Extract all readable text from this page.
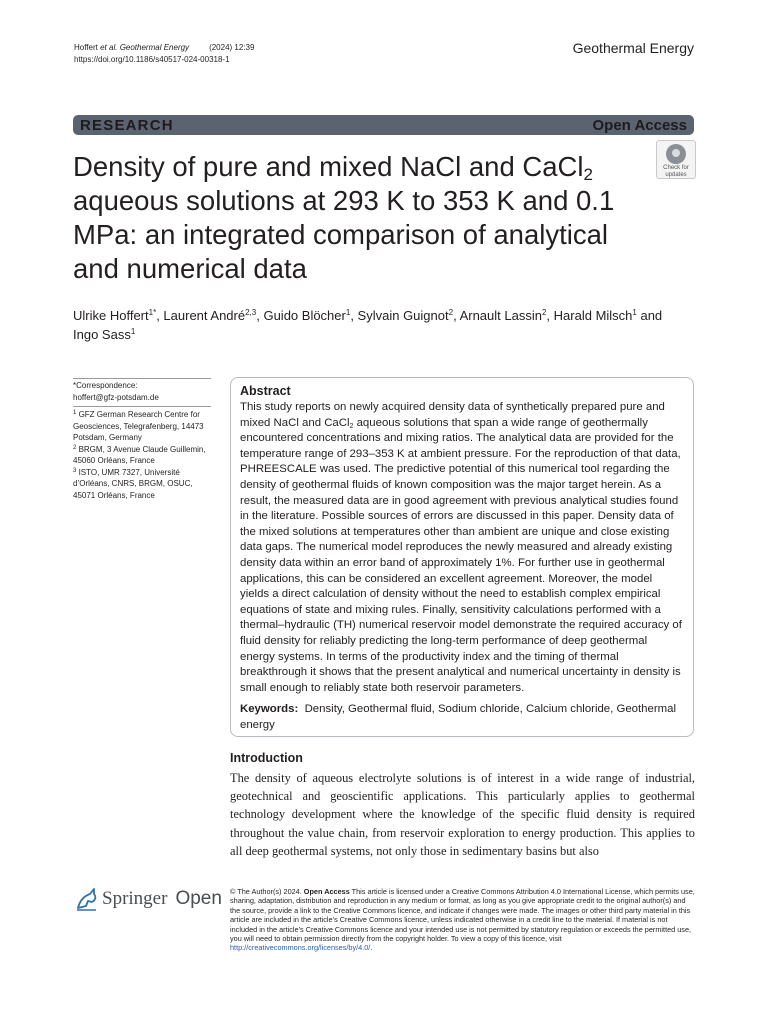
Hoffert et al. Geothermal Energy	(2024) 12:39
https://doi.org/10.1186/s40517-024-00318-1
Geothermal Energy
RESEARCH	Open Access
Density of pure and mixed NaCl and CaCl$_2$ aqueous solutions at 293 K to 353 K and 0.1 MPa: an integrated comparison of analytical and numerical data
Check for
updates
Ulrike Hoffert$^{1*}$, Laurent André$^{2,3}$, Guido Blöcher$^1$, Sylvain Guignot$^2$, Arnault Lassin$^2$, Harald Milsch$^1$ and
Ingo Sass$^1$

*Correspondence:

hoffert@gfz-potsdam.de

$^1$ GFZ German Research Centre for Geosciences, Telegrafenberg, 14473 Potsdam, Germany

$^2$ BRGM, 3 Avenue Claude Guillemin, 45060 Orléans, France

$^3$ ISTO, UMR 7327, Université d’Orléans, CNRS, BRGM, OSUC, 45071 Orléans, France

Abstract
This study reports on newly acquired density data of synthetically prepared pure and mixed NaCl and CaCl$_2$ aqueous solutions that span a wide range of geothermally encountered concentrations and mixing ratios. The analytical data are provided for the temperature range of 293–353 K at ambient pressure. For the reproduction of that data, PHREESCALE was used. The predictive potential of this numerical tool regarding the density of geothermal fluids of known composition was the major target herein. As a result, the measured data are in good agreement with previous analytical studies found in the literature. Possible sources of errors are discussed in this paper. Density data of the mixed solutions at temperatures other than ambient are unique and close existing data gaps. The numerical model reproduces the newly measured and already existing density data within an error band of approximately 1%. For further use in geothermal applications, this can be considered an excellent agreement. Moreover, the model yields a direct calculation of density without the need to establish complex empirical equations of state and mixing rules. Finally, sensitivity calculations performed with a thermal–hydraulic (TH) numerical reservoir model demonstrate the required accuracy of fluid density for reliably predicting the long-term performance of deep geothermal energy systems. In terms of the productivity index and the timing of thermal breakthrough it shows that the present analytical and numerical uncertainty in density is small enough to reliably state both reservoir parameters.
Keywords: Density, Geothermal fluid, Sodium chloride, Calcium chloride, Geothermal energy
Introduction
The density of aqueous electrolyte solutions is of interest in a wide range of industrial, geotechnical and geoscientific applications. This particularly applies to geothermal technology development where the knowledge of the specific fluid density is required throughout the value chain, from reservoir exploration to energy production. This applies to all deep geothermal systems, not only those in sedimentary basins but also
Springer Open © The Author(s) 2024. Open Access This article is licensed under a Creative Commons Attribution 4.0 International License, which permits use, sharing, adaptation, distribution and reproduction in any medium or format, as long as you give appropriate credit to the original author(s) and the source, provide a link to the Creative Commons licence, and indicate if changes were made. The images or other third party material in this article are included in the article’s Creative Commons licence, unless indicated otherwise in a credit line to the material. If material is not included in the article’s Creative Commons licence and your intended use is not permitted by statutory regulation or exceeds the permitted use, you will need to obtain permission directly from the copyright holder. To view a copy of this licence, visit http://creativecommons.org/licenses/by/4.0/.
